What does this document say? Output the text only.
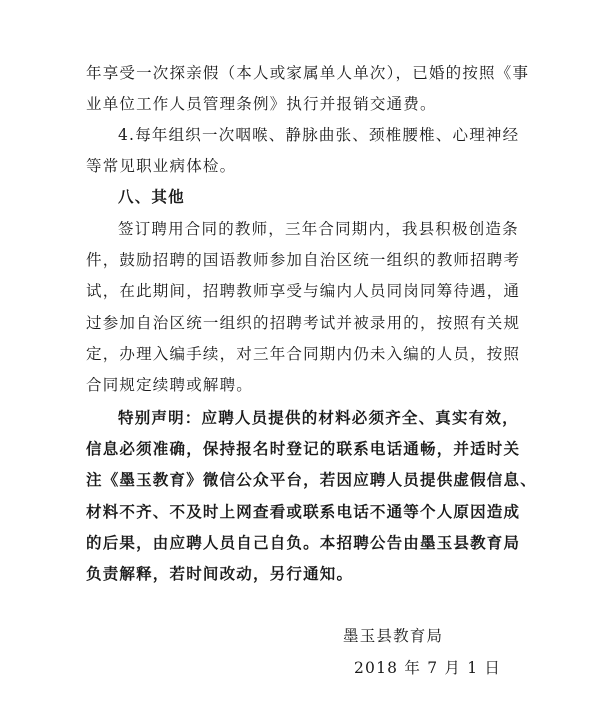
年享受一次探亲假（本人或家属单人单次），已婚的按照《事
业单位工作人员管理条例》执行并报销交通费。
4.每年组织一次咽喉、静脉曲张、颈椎腰椎、心理神经
等常见职业病体检。
八、其他
签订聘用合同的教师，三年合同期内，我县积极创造条
件，鼓励招聘的国语教师参加自治区统一组织的教师招聘考
试，在此期间，招聘教师享受与编内人员同岗同筹待遇，通
过参加自治区统一组织的招聘考试并被录用的，按照有关规
定，办理入编手续，对三年合同期内仍未入编的人员，按照
合同规定续聘或解聘。
特别声明：应聘人员提供的材料必须齐全、真实有效，
信息必须准确，保持报名时登记的联系电话通畅，并适时关
注《墨玉教育》微信公众平台，若因应聘人员提供虚假信息、
材料不齐、不及时上网查看或联系电话不通等个人原因造成
的后果，由应聘人员自己自负。本招聘公告由墨玉县教育局
负责解释，若时间改动，另行通知。
墨玉县教育局
2018 年 7 月 1 日
